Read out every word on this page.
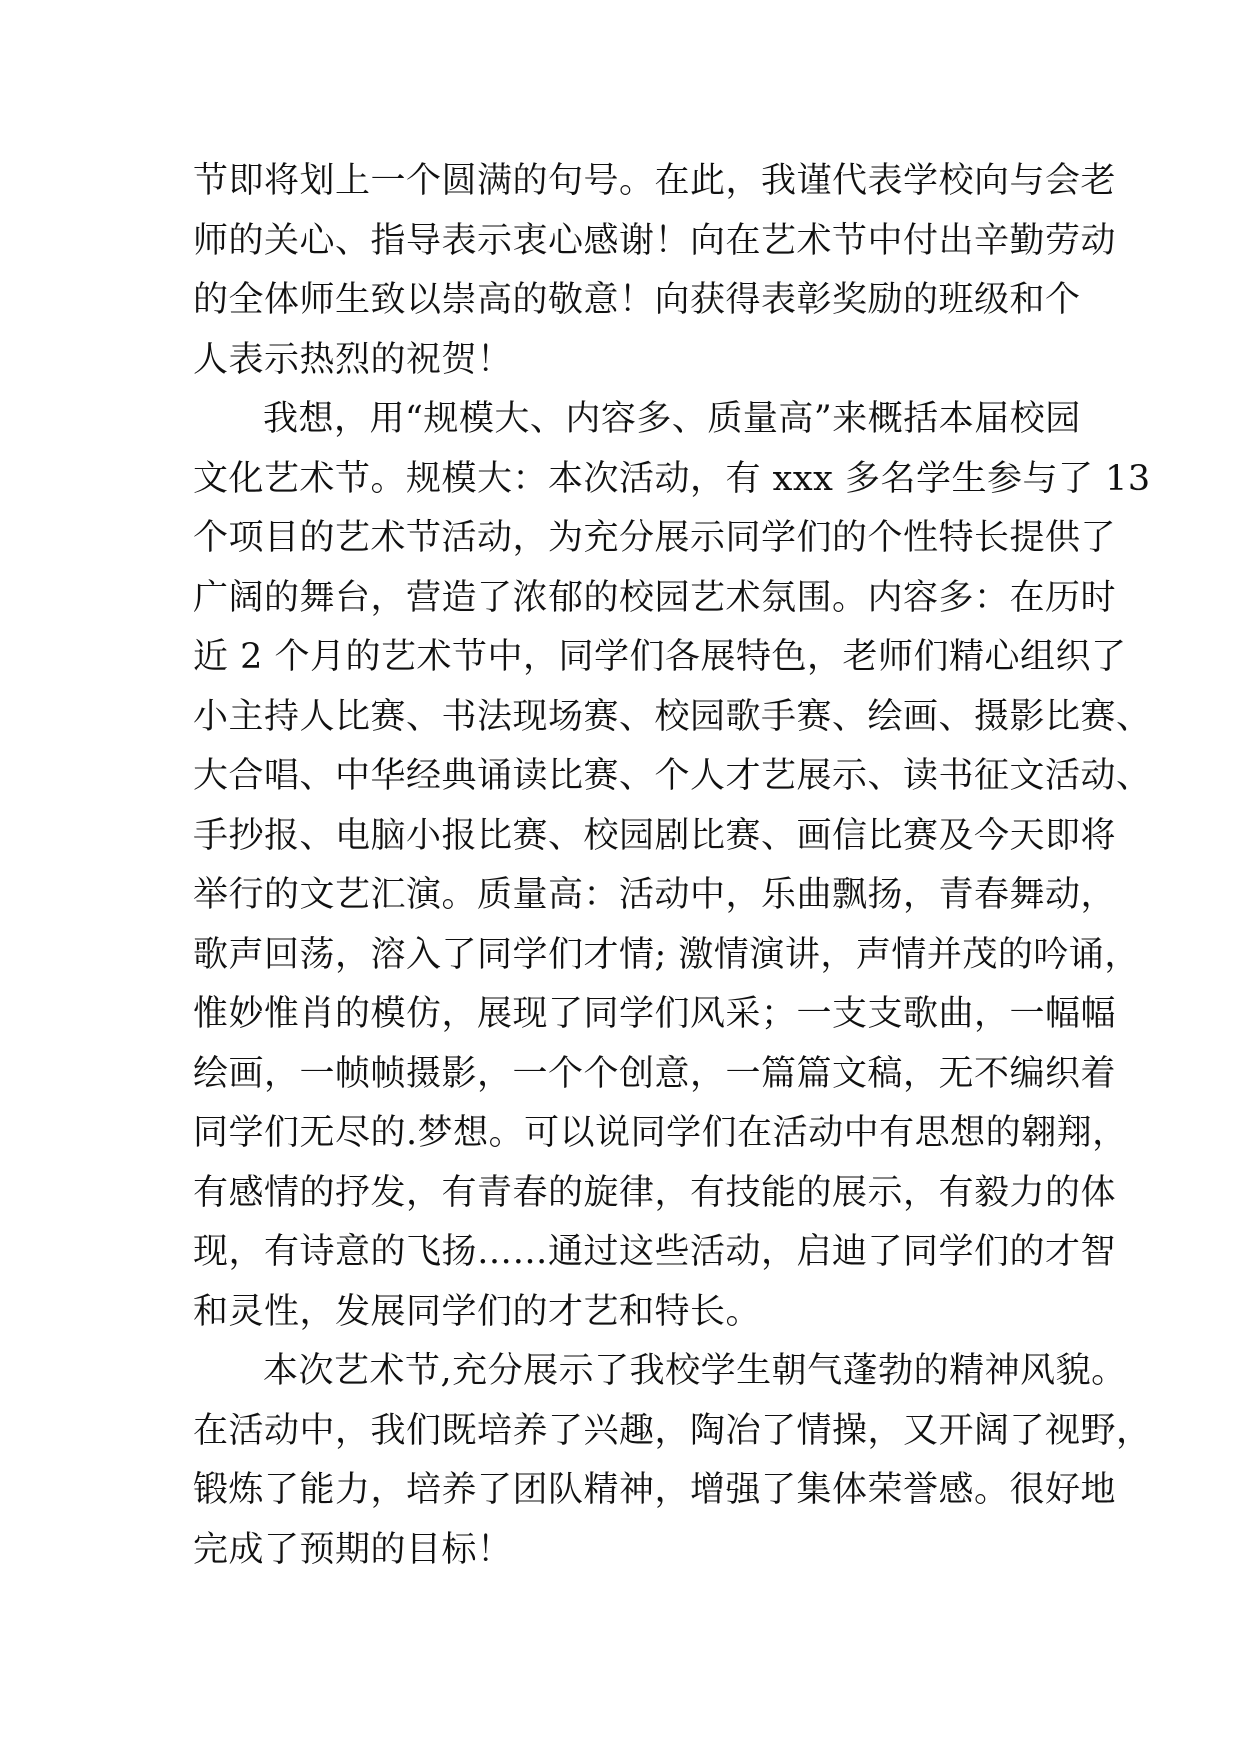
节即将划上一个圆满的句号。在此，我谨代表学校向与会老
师的关心、指导表示衷心感谢！向在艺术节中付出辛勤劳动
的全体师生致以崇高的敬意！向获得表彰奖励的班级和个
人表示热烈的祝贺！
我想，用“规模大、内容多、质量高”来概括本届校园
文化艺术节。规模大：本次活动，有 xxx 多名学生参与了 13
个项目的艺术节活动，为充分展示同学们的个性特长提供了
广阔的舞台，营造了浓郁的校园艺术氛围。内容多：在历时
近 2 个月的艺术节中，同学们各展特色，老师们精心组织了
小主持人比赛、书法现场赛、校园歌手赛、绘画、摄影比赛、
大合唱、中华经典诵读比赛、个人才艺展示、读书征文活动、
手抄报、电脑小报比赛、校园剧比赛、画信比赛及今天即将
举行的文艺汇演。质量高：活动中，乐曲飘扬，青春舞动，
歌声回荡，溶入了同学们才情; 激情演讲，声情并茂的吟诵，
惟妙惟肖的模仿，展现了同学们风采；一支支歌曲，一幅幅
绘画，一帧帧摄影，一个个创意，一篇篇文稿，无不编织着
同学们无尽的.梦想。可以说同学们在活动中有思想的翱翔，
有感情的抒发，有青春的旋律，有技能的展示，有毅力的体
现，有诗意的飞扬……通过这些活动，启迪了同学们的才智
和灵性，发展同学们的才艺和特长。
本次艺术节,充分展示了我校学生朝气蓬勃的精神风貌。
在活动中，我们既培养了兴趣，陶冶了情操，又开阔了视野，
锻炼了能力，培养了团队精神，增强了集体荣誉感。很好地
完成了预期的目标！
